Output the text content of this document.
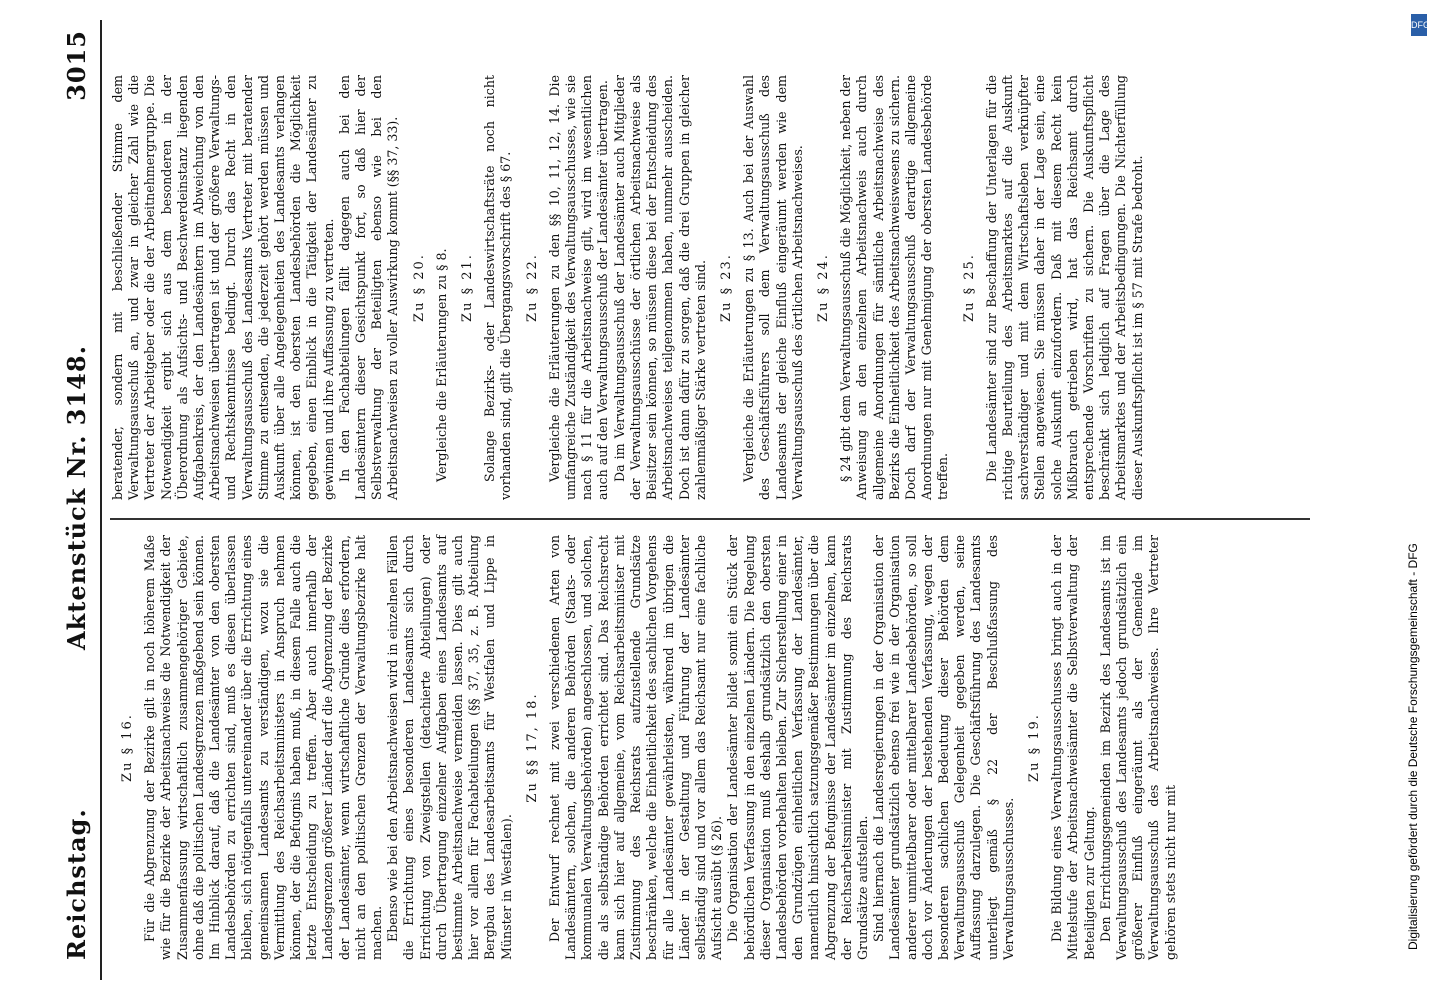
Reichstag.
Aktenstück Nr. 3148.
3015
Zu § 16. Für die Abgrenzung der Bezirke gilt in noch höherem Maße wie für die Bezirke der Arbeitsnachweise die Notwendigkeit der Zusammenfassung wirtschaftlich zusammengehöriger Gebiete, ohne daß die politischen Landesgrenzen maßgebend sein können. Im Hinblick darauf, daß die Landesämter von den obersten Landesbehörden zu errichten sind, muß es diesen überlassen bleiben, sich nötigenfalls untereinander über die Errichtung eines gemeinsamen Landesamts zu verständigen, wozu sie die Vermittlung des Reichsarbeitsministers in Anspruch nehmen können, der die Befugnis haben muß, in diesem Falle auch die letzte Entscheidung zu treffen. Aber auch innerhalb der Landesgrenzen größerer Länder darf die Abgrenzung der Bezirke der Landesämter, wenn wirtschaftliche Gründe dies erfordern, nicht an den politischen Grenzen der Verwaltungsbezirke halt machen. Ebenso wie bei den Arbeitsnachweisen wird in einzelnen Fällen die Errichtung eines besonderen Landesamts sich durch Errichtung von Zweigstellen (detachierte Abteilungen) oder durch Übertragung einzelner Aufgaben eines Landesamts auf bestimmte Arbeitsnachweise vermeiden lassen. Dies gilt auch hier vor allem für Fachabteilungen (§§ 37, 35, z. B. Abteilung Bergbau des Landesarbeitsamts für Westfalen und Lippe in Münster in Westfalen).

Zu §§ 17, 18. Der Entwurf rechnet mit zwei verschiedenen Arten von Landesämtern, solchen, die anderen Behörden (Staats- oder kommunalen Verwaltungsbehörden) angeschlossen, und solchen, die als selbständige Behörden errichtet sind. Das Reichsrecht kann sich hier auf allgemeine, vom Reichsarbeitsminister mit Zustimmung des Reichsrats aufzustellende Grundsätze beschränken, welche die Einheitlichkeit des sachlichen Vorgehens für alle Landesämter gewährleisten, während im übrigen die Länder in der Gestaltung und Führung der Landesämter selbständig sind und vor allem das Reichsamt nur eine fachliche Aufsicht ausübt (§ 26). Die Organisation der Landesämter bildet somit ein Stück der behördlichen Verfassung in den einzelnen Ländern. Die Regelung dieser Organisation muß deshalb grundsätzlich den obersten Landesbehörden vorbehalten bleiben. Zur Sicherstellung einer in den Grundzügen einheitlichen Verfassung der Landesämter, namentlich hinsichtlich satzungsgemäßer Bestimmungen über die Abgrenzung der Befugnisse der Landesämter im einzelnen, kann der Reichsarbeitsminister mit Zustimmung des Reichsrats Grundsätze aufstellen. Sind hiernach die Landesregierungen in der Organisation der Landesämter grundsätzlich ebenso frei wie in der Organisation anderer unmittelbarer oder mittelbarer Landesbehörden, so soll doch vor Änderungen der bestehenden Verfassung, wegen der besonderen sachlichen Bedeutung dieser Behörden dem Verwaltungsausschuß Gelegenheit gegeben werden, seine Auffassung darzulegen. Die Geschäftsführung des Landesamts unterliegt gemäß § 22 der Beschlußfassung des Verwaltungsausschusses.

Zu § 19. Die Bildung eines Verwaltungsausschusses bringt auch in der Mittelstufe der Arbeitsnachweisämter die Selbstverwaltung der Beteiligten zur Geltung. Den Errichtungsgemeinden im Bezirk des Landesamts ist im Verwaltungsausschuß des Landesamts jedoch grundsätzlich ein größerer Einfluß eingeräumt als der Gemeinde im Verwaltungsausschuß des Arbeitsnachweises. Ihre Vertreter gehören stets nicht nur mit

beratender, sondern mit beschließender Stimme dem Verwaltungsausschuß an, und zwar in gleicher Zahl wie die Vertreter der Arbeitgeber oder die der Arbeitnehmergruppe. Die Notwendigkeit ergibt sich aus dem besonderen in der Überordnung als Aufsichts- und Beschwerdeinstanz liegenden Aufgabenkreis, der den Landesämtern im Abweichung von den Arbeitsnachweisen übertragen ist und der größere Verwaltungs- und Rechtskenntnisse bedingt. Durch das Recht in den Verwaltungsausschuß des Landesamts Vertreter mit beratender Stimme zu entsenden, die jederzeit gehört werden müssen und Auskunft über alle Angelegenheiten des Landesamts verlangen können, ist den obersten Landesbehörden die Möglichkeit gegeben, einen Einblick in die Tätigkeit der Landesämter zu gewinnen und ihre Auffassung zu vertreten. In den Fachabteilungen fällt dagegen auch bei den Landesämtern dieser Gesichtspunkt fort, so daß hier der Selbstverwaltung der Beteiligten ebenso wie bei den Arbeitsnachweisen zu voller Auswirkung kommt (§§ 37, 33). Zu § 20. Vergleiche die Erläuterungen zu § 8. Zu § 21. Solange Bezirks- oder Landeswirtschaftsräte noch nicht vorhanden sind, gilt die Übergangsvorschrift des § 67. Zu § 22. Vergleiche die Erläuterungen zu den §§ 10, 11, 12, 14. Die umfangreiche Zuständigkeit des Verwaltungsausschusses, wie sie nach § 11 für die Arbeitsnachweise gilt, wird im wesentlichen auch auf den Verwaltungsausschuß der Landesämter übertragen. Da im Verwaltungsausschuß der Landesämter auch Mitglieder der Verwaltungsausschüsse der örtlichen Arbeitsnachweise als Beisitzer sein können, so müssen diese bei der Entscheidung des Arbeitsnachweises teilgenommen haben, nunmehr ausscheiden. Doch ist dann dafür zu sorgen, daß die drei Gruppen in gleicher zahlenmäßiger Stärke vertreten sind. Zu § 23. Vergleiche die Erläuterungen zu § 13. Auch bei der Auswahl des Geschäftsführers soll dem Verwaltungsausschuß des Landesamts der gleiche Einfluß eingeräumt werden wie dem Verwaltungsausschuß des örtlichen Arbeitsnachweises. Zu § 24. § 24 gibt dem Verwaltungsausschuß die Möglichkeit, neben der Anweisung an den einzelnen Arbeitsnachweis auch durch allgemeine Anordnungen für sämtliche Arbeitsnachweise des Bezirks die Einheitlichkeit des Arbeitsnachweiswesens zu sichern. Doch darf der Verwaltungsausschuß derartige allgemeine Anordnungen nur mit Genehmigung der obersten Landesbehörde treffen.

Zu § 25. Die Landesämter sind zur Beschaffung der Unterlagen für die richtige Beurteilung des Arbeitsmarktes auf die Auskunft sachverständiger und mit dem Wirtschaftsleben verknüpfter Stellen angewiesen. Sie müssen daher in der Lage sein, eine solche Auskunft einzufordern. Daß mit diesem Recht kein Mißbrauch getrieben wird, hat das Reichsamt durch entsprechende Vorschriften zu sichern. Die Auskunftspflicht beschränkt sich lediglich auf Fragen über die Lage des Arbeitsmarktes und der Arbeitsbedingungen. Die Nichterfüllung dieser Auskunftspflicht ist im § 57 mit Strafe bedroht.

DFG
Digitalisierung gefördert durch die Deutsche Forschungsgemeinschaft - DFG
